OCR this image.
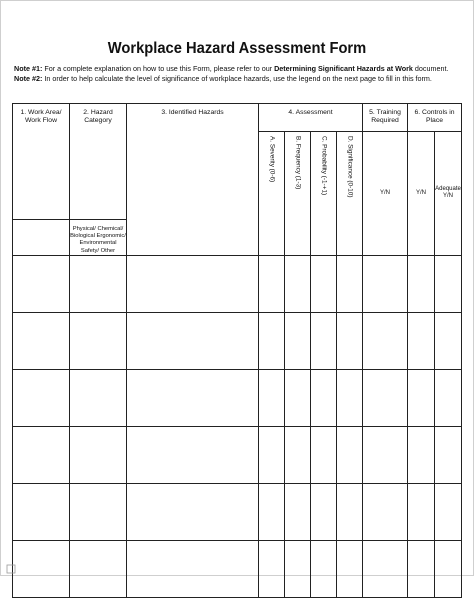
Workplace Hazard Assessment Form
Note #1: For a complete explanation on how to use this Form, please refer to our Determining Significant Hazards at Work document.
Note #2: In order to help calculate the level of significance of workplace hazards, use the legend on the next page to fill in this form.
1. Work Area/ Work Flow	2. Hazard Category	3. Identified Hazards	4. Assessment				5. Training Required	6. Controls in Place	

			A. Severity (0-6)	B. Frequency (1-3)	C. Probability (-1-+1)	D. Significance (0-10)	Y/N	Y/N	Adequate Y/N
	Physical/ Chemical/ Biological Ergonomic/ Environmental Safety/ Other								
